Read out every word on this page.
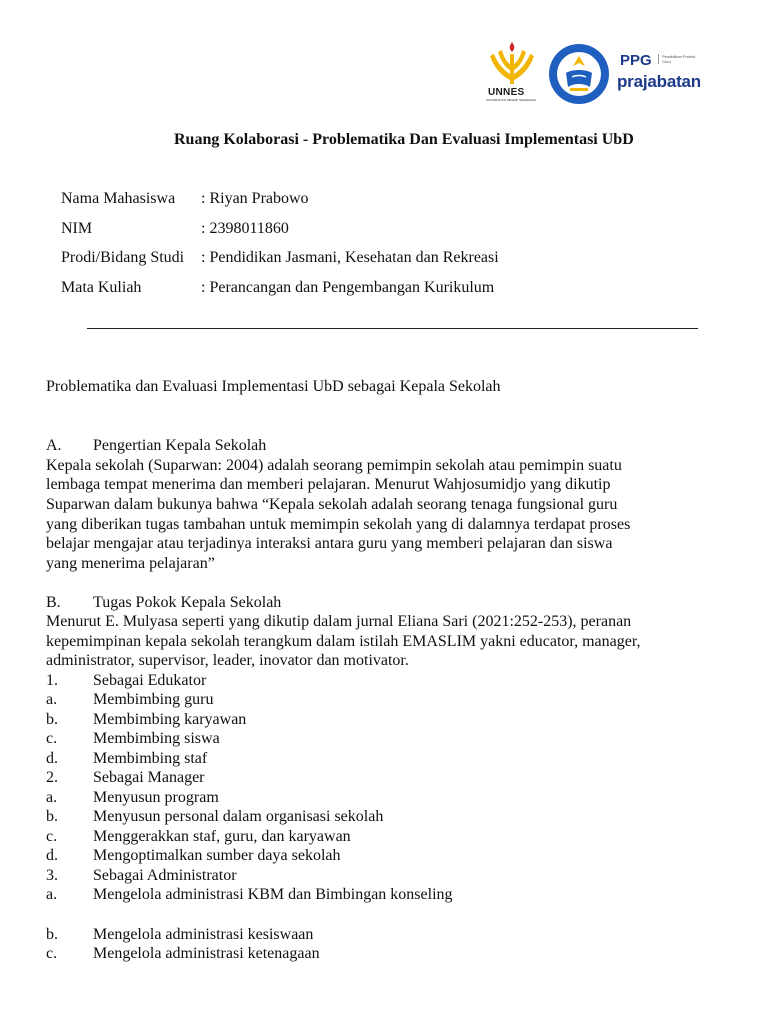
UNNES
UNIVERSITAS NEGERI SEMARANG
PPG	Pendidikan Profesi Guru
prajabatan
Ruang Kolaborasi - Problematika Dan Evaluasi Implementasi UbD
Nama Mahasiswa : Riyan Prabowo
NIM	: 2398011860
Prodi/Bidang Studi : Pendidikan Jasmani, Kesehatan dan Rekreasi
Mata Kuliah	: Perancangan dan Pengembangan Kurikulum
Problematika dan Evaluasi Implementasi UbD sebagai Kepala Sekolah
A. Pengertian Kepala Sekolah
Kepala sekolah (Suparwan: 2004) adalah seorang pemimpin sekolah atau pemimpin suatu
lembaga tempat menerima dan memberi pelajaran. Menurut Wahjosumidjo yang dikutip
Suparwan dalam bukunya bahwa “Kepala sekolah adalah seorang tenaga fungsional guru
yang diberikan tugas tambahan untuk memimpin sekolah yang di dalamnya terdapat proses
belajar mengajar atau terjadinya interaksi antara guru yang memberi pelajaran dan siswa
yang menerima pelajaran”
B. Tugas Pokok Kepala Sekolah
Menurut E. Mulyasa seperti yang dikutip dalam jurnal Eliana Sari (2021:252-253), peranan
kepemimpinan kepala sekolah terangkum dalam istilah EMASLIM yakni educator, manager,
administrator, supervisor, leader, inovator dan motivator.
1. Sebagai Edukator
a. Membimbing guru
b. Membimbing karyawan
c. Membimbing siswa
d. Membimbing staf
2. Sebagai Manager
a. Menyusun program
b. Menyusun personal dalam organisasi sekolah
c. Menggerakkan staf, guru, dan karyawan
d. Mengoptimalkan sumber daya sekolah
3. Sebagai Administrator
a. Mengelola administrasi KBM dan Bimbingan konseling
b. Mengelola administrasi kesiswaan
c. Mengelola administrasi ketenagaan
